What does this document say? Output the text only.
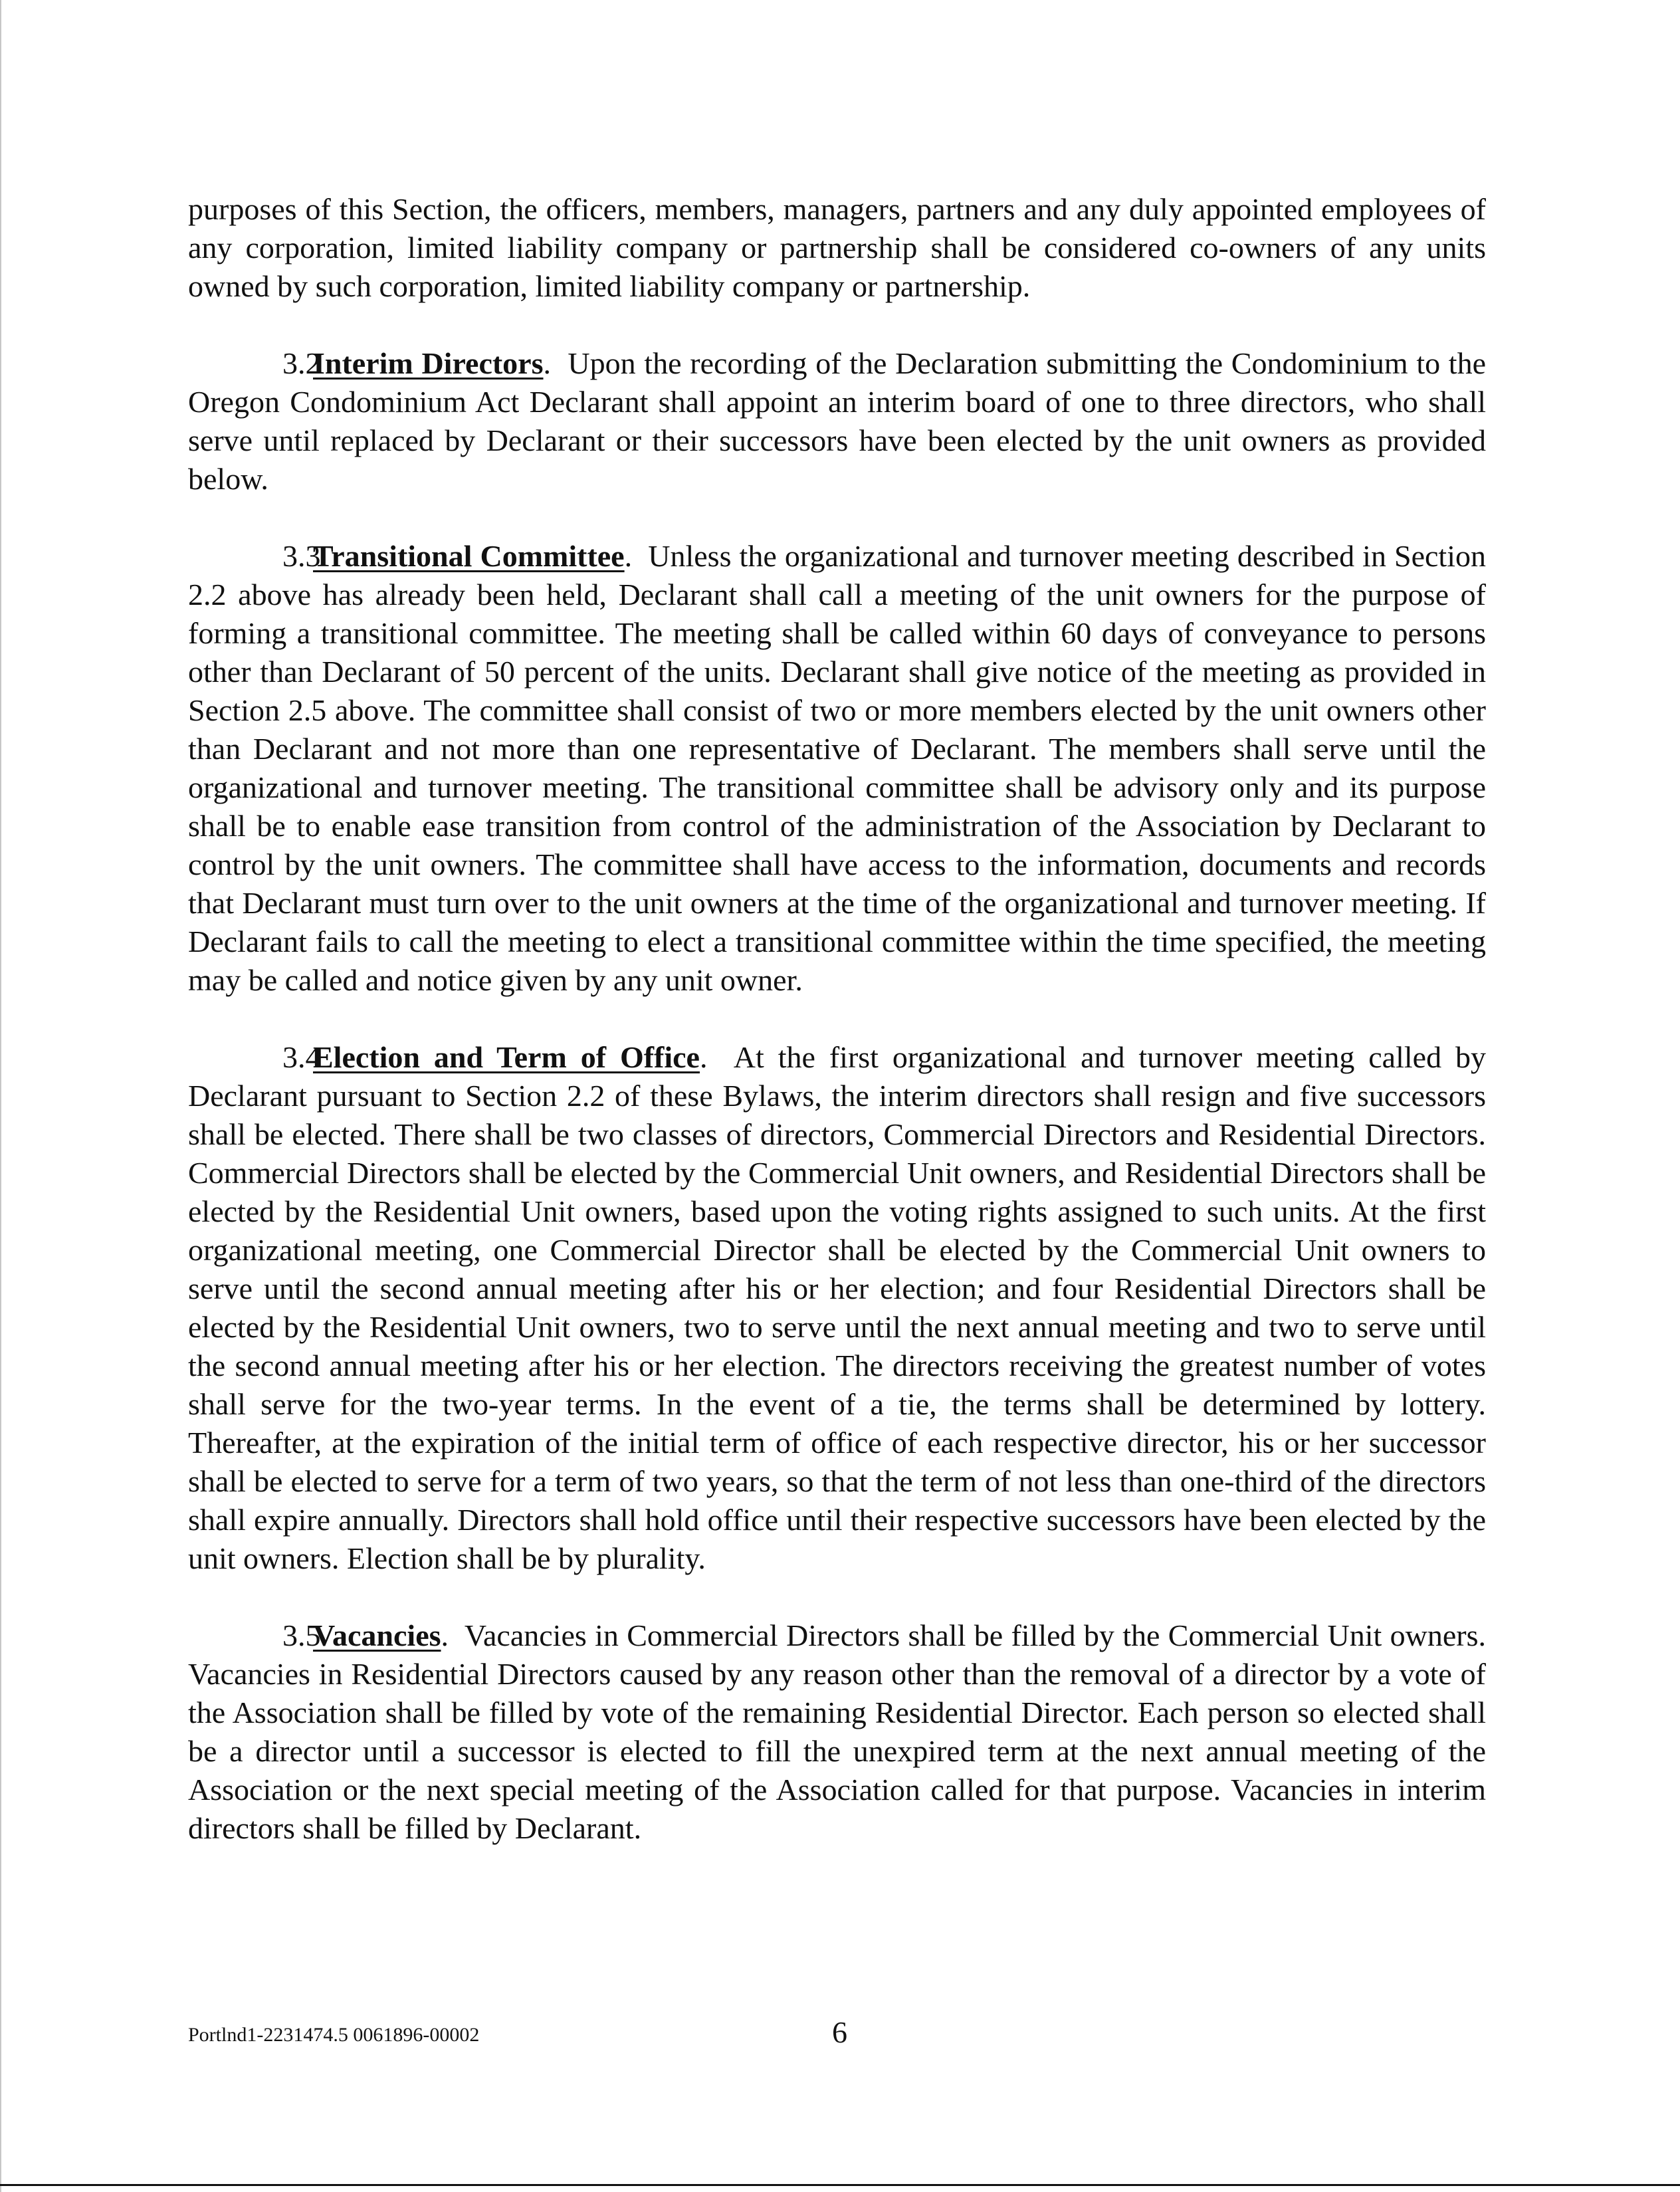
purposes of this Section, the officers, members, managers, partners and any duly appointed employees of any corporation, limited liability company or partnership shall be considered co-owners of any units owned by such corporation, limited liability company or partnership.

3.2Interim Directors.  Upon the recording of the Declaration submitting the Condominium to the Oregon Condominium Act Declarant shall appoint an interim board of one to three directors, who shall serve until replaced by Declarant or their successors have been elected by the unit owners as provided below.

3.3Transitional Committee.  Unless the organizational and turnover meeting described in Section 2.2 above has already been held, Declarant shall call a meeting of the unit owners for the purpose of forming a transitional committee. The meeting shall be called within 60 days of conveyance to persons other than Declarant of 50 percent of the units. Declarant shall give notice of the meeting as provided in Section 2.5 above. The committee shall consist of two or more members elected by the unit owners other than Declarant and not more than one representative of Declarant. The members shall serve until the organizational and turnover meeting. The transitional committee shall be advisory only and its purpose shall be to enable ease transition from control of the administration of the Association by Declarant to control by the unit owners. The committee shall have access to the information, documents and records that Declarant must turn over to the unit owners at the time of the organizational and turnover meeting. If Declarant fails to call the meeting to elect a transitional committee within the time specified, the meeting may be called and notice given by any unit owner.

3.4Election and Term of Office.  At the first organizational and turnover meeting called by Declarant pursuant to Section 2.2 of these Bylaws, the interim directors shall resign and five successors shall be elected. There shall be two classes of directors, Commercial Directors and Residential Directors. Commercial Directors shall be elected by the Commercial Unit owners, and Residential Directors shall be elected by the Residential Unit owners, based upon the voting rights assigned to such units. At the first organizational meeting, one Commercial Director shall be elected by the Commercial Unit owners to serve until the second annual meeting after his or her election; and four Residential Directors shall be elected by the Residential Unit owners, two to serve until the next annual meeting and two to serve until the second annual meeting after his or her election. The directors receiving the greatest number of votes shall serve for the two-year terms. In the event of a tie, the terms shall be determined by lottery. Thereafter, at the expiration of the initial term of office of each respective director, his or her successor shall be elected to serve for a term of two years, so that the term of not less than one-third of the directors shall expire annually. Directors shall hold office until their respective successors have been elected by the unit owners. Election shall be by plurality.

3.5Vacancies.  Vacancies in Commercial Directors shall be filled by the Commercial Unit owners. Vacancies in Residential Directors caused by any reason other than the removal of a director by a vote of the Association shall be filled by vote of the remaining Residential Director. Each person so elected shall be a director until a successor is elected to fill the unexpired term at the next annual meeting of the Association or the next special meeting of the Association called for that purpose. Vacancies in interim directors shall be filled by Declarant.

Portlnd1-2231474.5 0061896-00002	6
